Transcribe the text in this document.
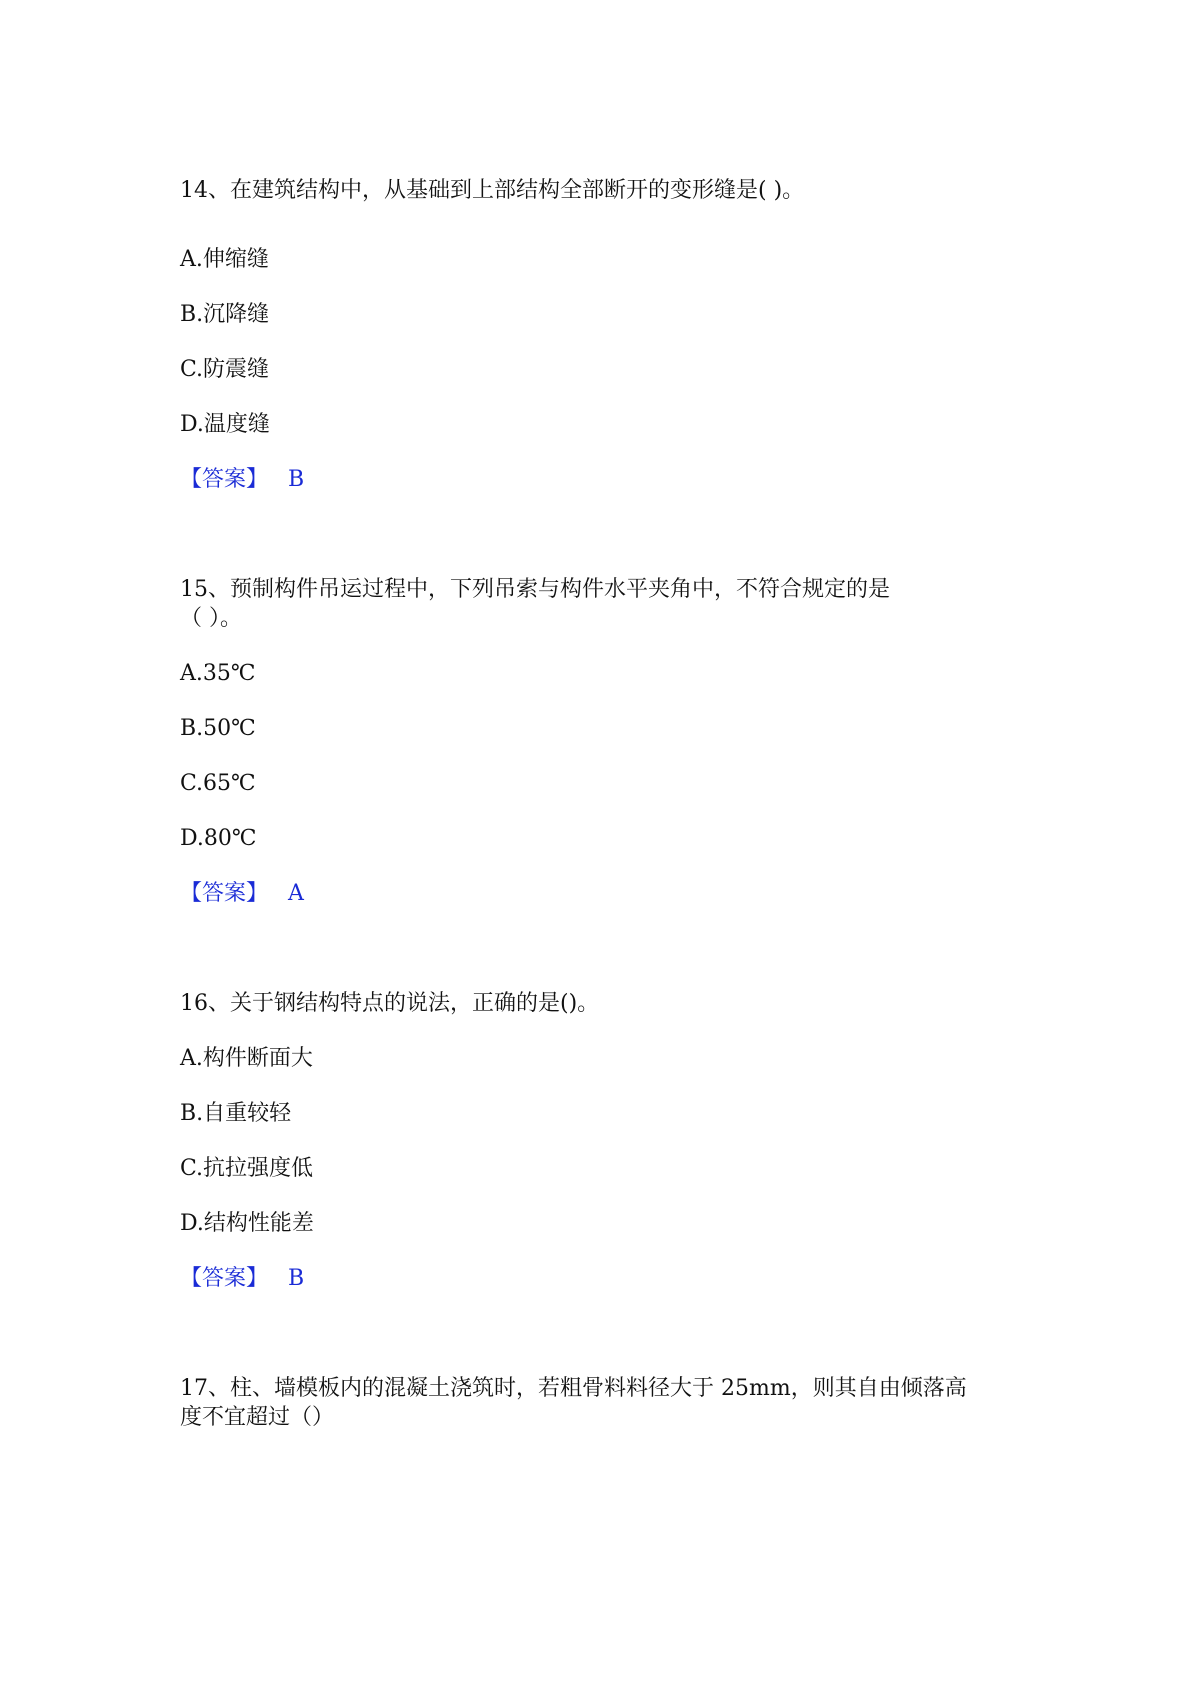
14、在建筑结构中，从基础到上部结构全部断开的变形缝是( )。
A.伸缩缝
B.沉降缝
C.防震缝
D.温度缝
【答案】 B
15、预制构件吊运过程中，下列吊索与构件水平夹角中，不符合规定的是
（ ）。
A.35℃
B.50℃
C.65℃
D.80℃
【答案】 A
16、关于钢结构特点的说法，正确的是()。
A.构件断面大
B.自重较轻
C.抗拉强度低
D.结构性能差
【答案】 B
17、柱、墙模板内的混凝土浇筑时，若粗骨料料径大于 25mm，则其自由倾落高
度不宜超过（）
